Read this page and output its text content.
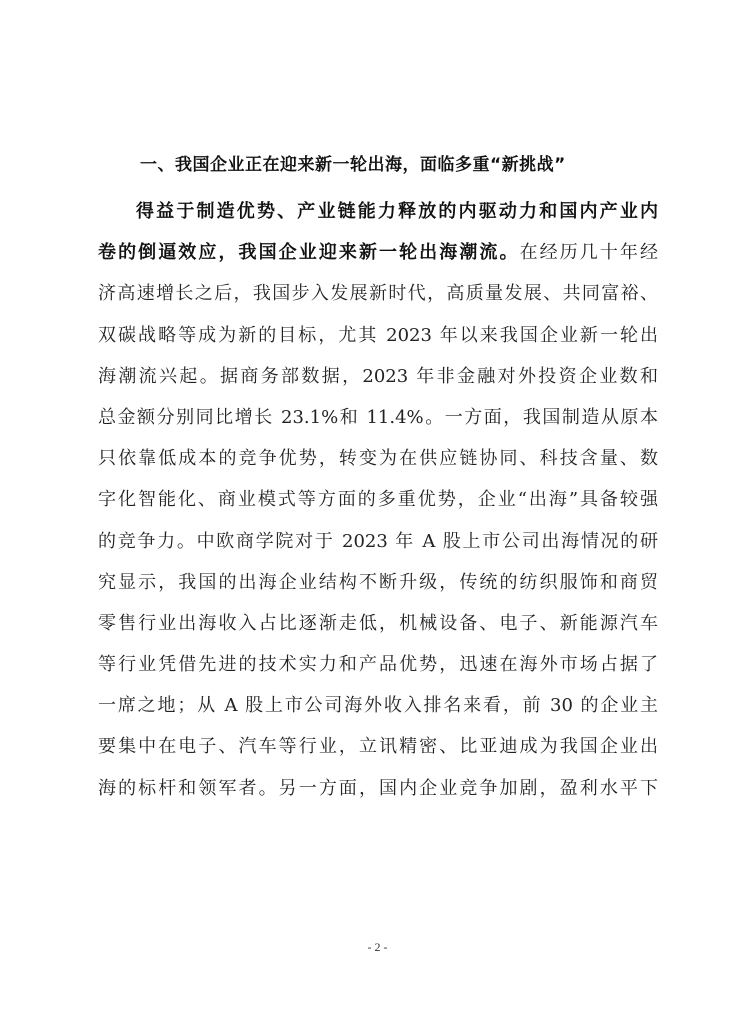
一、我国企业正在迎来新一轮出海，面临多重“新挑战”
得益于制造优势、产业链能力释放的内驱动力和国内产业内
卷的倒逼效应，我国企业迎来新一轮出海潮流。在经历几十年经
济高速增长之后，我国步入发展新时代，高质量发展、共同富裕、
双碳战略等成为新的目标，尤其 2023 年以来我国企业新一轮出
海潮流兴起。据商务部数据，2023 年非金融对外投资企业数和
总金额分别同比增长 23.1%和 11.4%。一方面，我国制造从原本
只依靠低成本的竞争优势，转变为在供应链协同、科技含量、数
字化智能化、商业模式等方面的多重优势，企业“出海”具备较强
的竞争力。中欧商学院对于 2023 年 A 股上市公司出海情况的研
究显示，我国的出海企业结构不断升级，传统的纺织服饰和商贸
零售行业出海收入占比逐渐走低，机械设备、电子、新能源汽车
等行业凭借先进的技术实力和产品优势，迅速在海外市场占据了
一席之地；从 A 股上市公司海外收入排名来看，前 30 的企业主
要集中在电子、汽车等行业，立讯精密、比亚迪成为我国企业出
海的标杆和领军者。另一方面，国内企业竞争加剧，盈利水平下
- 2 -
